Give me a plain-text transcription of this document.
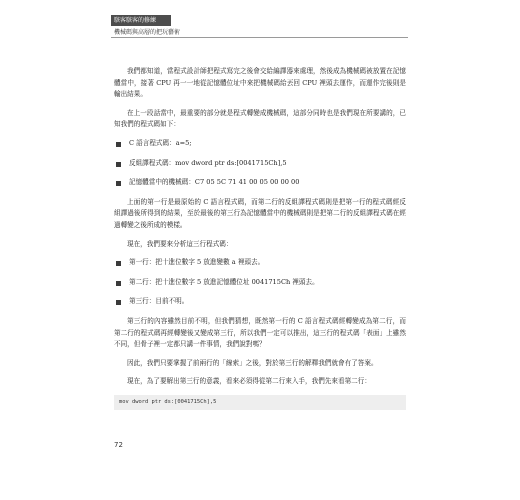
駭客駭客的修練
機械碼與高層的把玩藝術

我們都知道，當程式設計師把程式寫完之後會交給編譯器來處理，然後成為機械碼被放置在記憶體當中，接著 CPU 再一一地從記憶體位址中來把機械碼給丟回 CPU 裡頭去運作，而運作完後則是輸出結果。

在上一段話當中，最重要的部分就是程式轉變成機械碼，這部分同時也是我們現在所要講的，已知我們的程式碼如下：

C 語言程式碼：a=5;
反組譯程式碼：mov dword ptr ds:[0041715Ch],5
記憶體當中的機械碼：C7 05 5C 71 41 00 05 00 00 00

上面的第一行是最原始的 C 語言程式碼，而第二行的反組譯程式碼則是把第一行的程式碼經反組譯過後所得到的結果，至於最後的第三行為記憶體當中的機械碼則是把第二行的反組譯程式碼在經過轉變之後所成的模樣。

現在，我們要來分析這三行程式碼：

第一行：把十進位數字 5 放進變數 a 裡頭去。
第二行：把十進位數字 5 放進記憶體位址 0041715Ch 裡頭去。
第三行：目前不明。

第三行的內容雖然目前不明，但我們猜想，既然第一行的 C 語言程式碼經轉變成為第二行，而第二行的程式碼再經轉變後又變成第三行，所以我們一定可以推出，這三行的程式碼「表面」上雖然不同，但骨子裡一定都只講一件事情，我們說對嗎？

因此，我們只要掌握了前兩行的「線索」之後，對於第三行的解釋我們就會有了答案。

現在，為了要解出第三行的意義，看來必須得從第二行來入手，我們先來看第二行：

mov dword ptr ds:[0041715Ch],5
72
